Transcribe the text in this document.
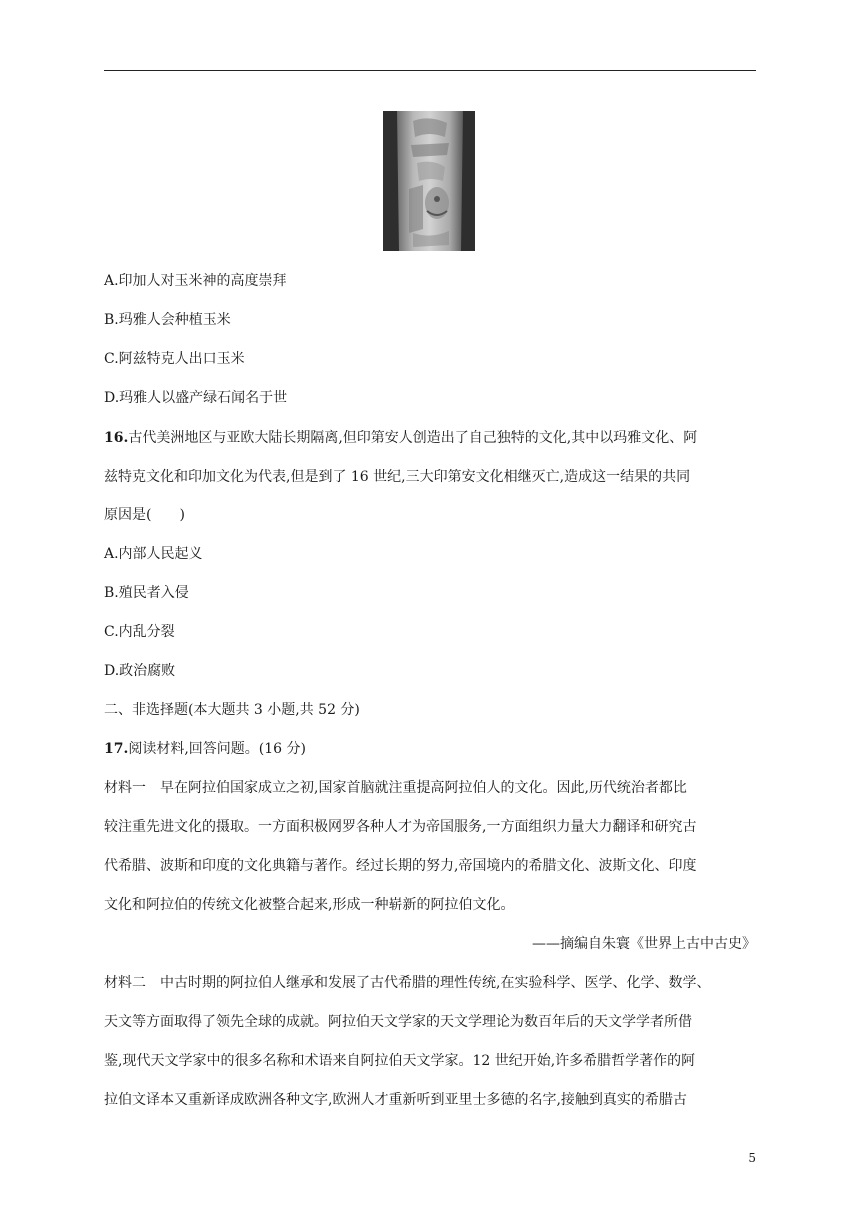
A.印加人对玉米神的高度崇拜
B.玛雅人会种植玉米
C.阿兹特克人出口玉米
D.玛雅人以盛产绿石闻名于世
16.古代美洲地区与亚欧大陆长期隔离,但印第安人创造出了自己独特的文化,其中以玛雅文化、阿
兹特克文化和印加文化为代表,但是到了 16 世纪,三大印第安文化相继灭亡,造成这一结果的共同
原因是(　　)
A.内部人民起义
B.殖民者入侵
C.内乱分裂
D.政治腐败
二、非选择题(本大题共 3 小题,共 52 分)
17.阅读材料,回答问题。(16 分)
材料一　早在阿拉伯国家成立之初,国家首脑就注重提高阿拉伯人的文化。因此,历代统治者都比
较注重先进文化的摄取。一方面积极网罗各种人才为帝国服务,一方面组织力量大力翻译和研究古
代希腊、波斯和印度的文化典籍与著作。经过长期的努力,帝国境内的希腊文化、波斯文化、印度
文化和阿拉伯的传统文化被整合起来,形成一种崭新的阿拉伯文化。
——摘编自朱寰《世界上古中古史》
材料二　中古时期的阿拉伯人继承和发展了古代希腊的理性传统,在实验科学、医学、化学、数学、
天文等方面取得了领先全球的成就。阿拉伯天文学家的天文学理论为数百年后的天文学学者所借
鉴,现代天文学家中的很多名称和术语来自阿拉伯天文学家。12 世纪开始,许多希腊哲学著作的阿
拉伯文译本又重新译成欧洲各种文字,欧洲人才重新听到亚里士多德的名字,接触到真实的希腊古
5
